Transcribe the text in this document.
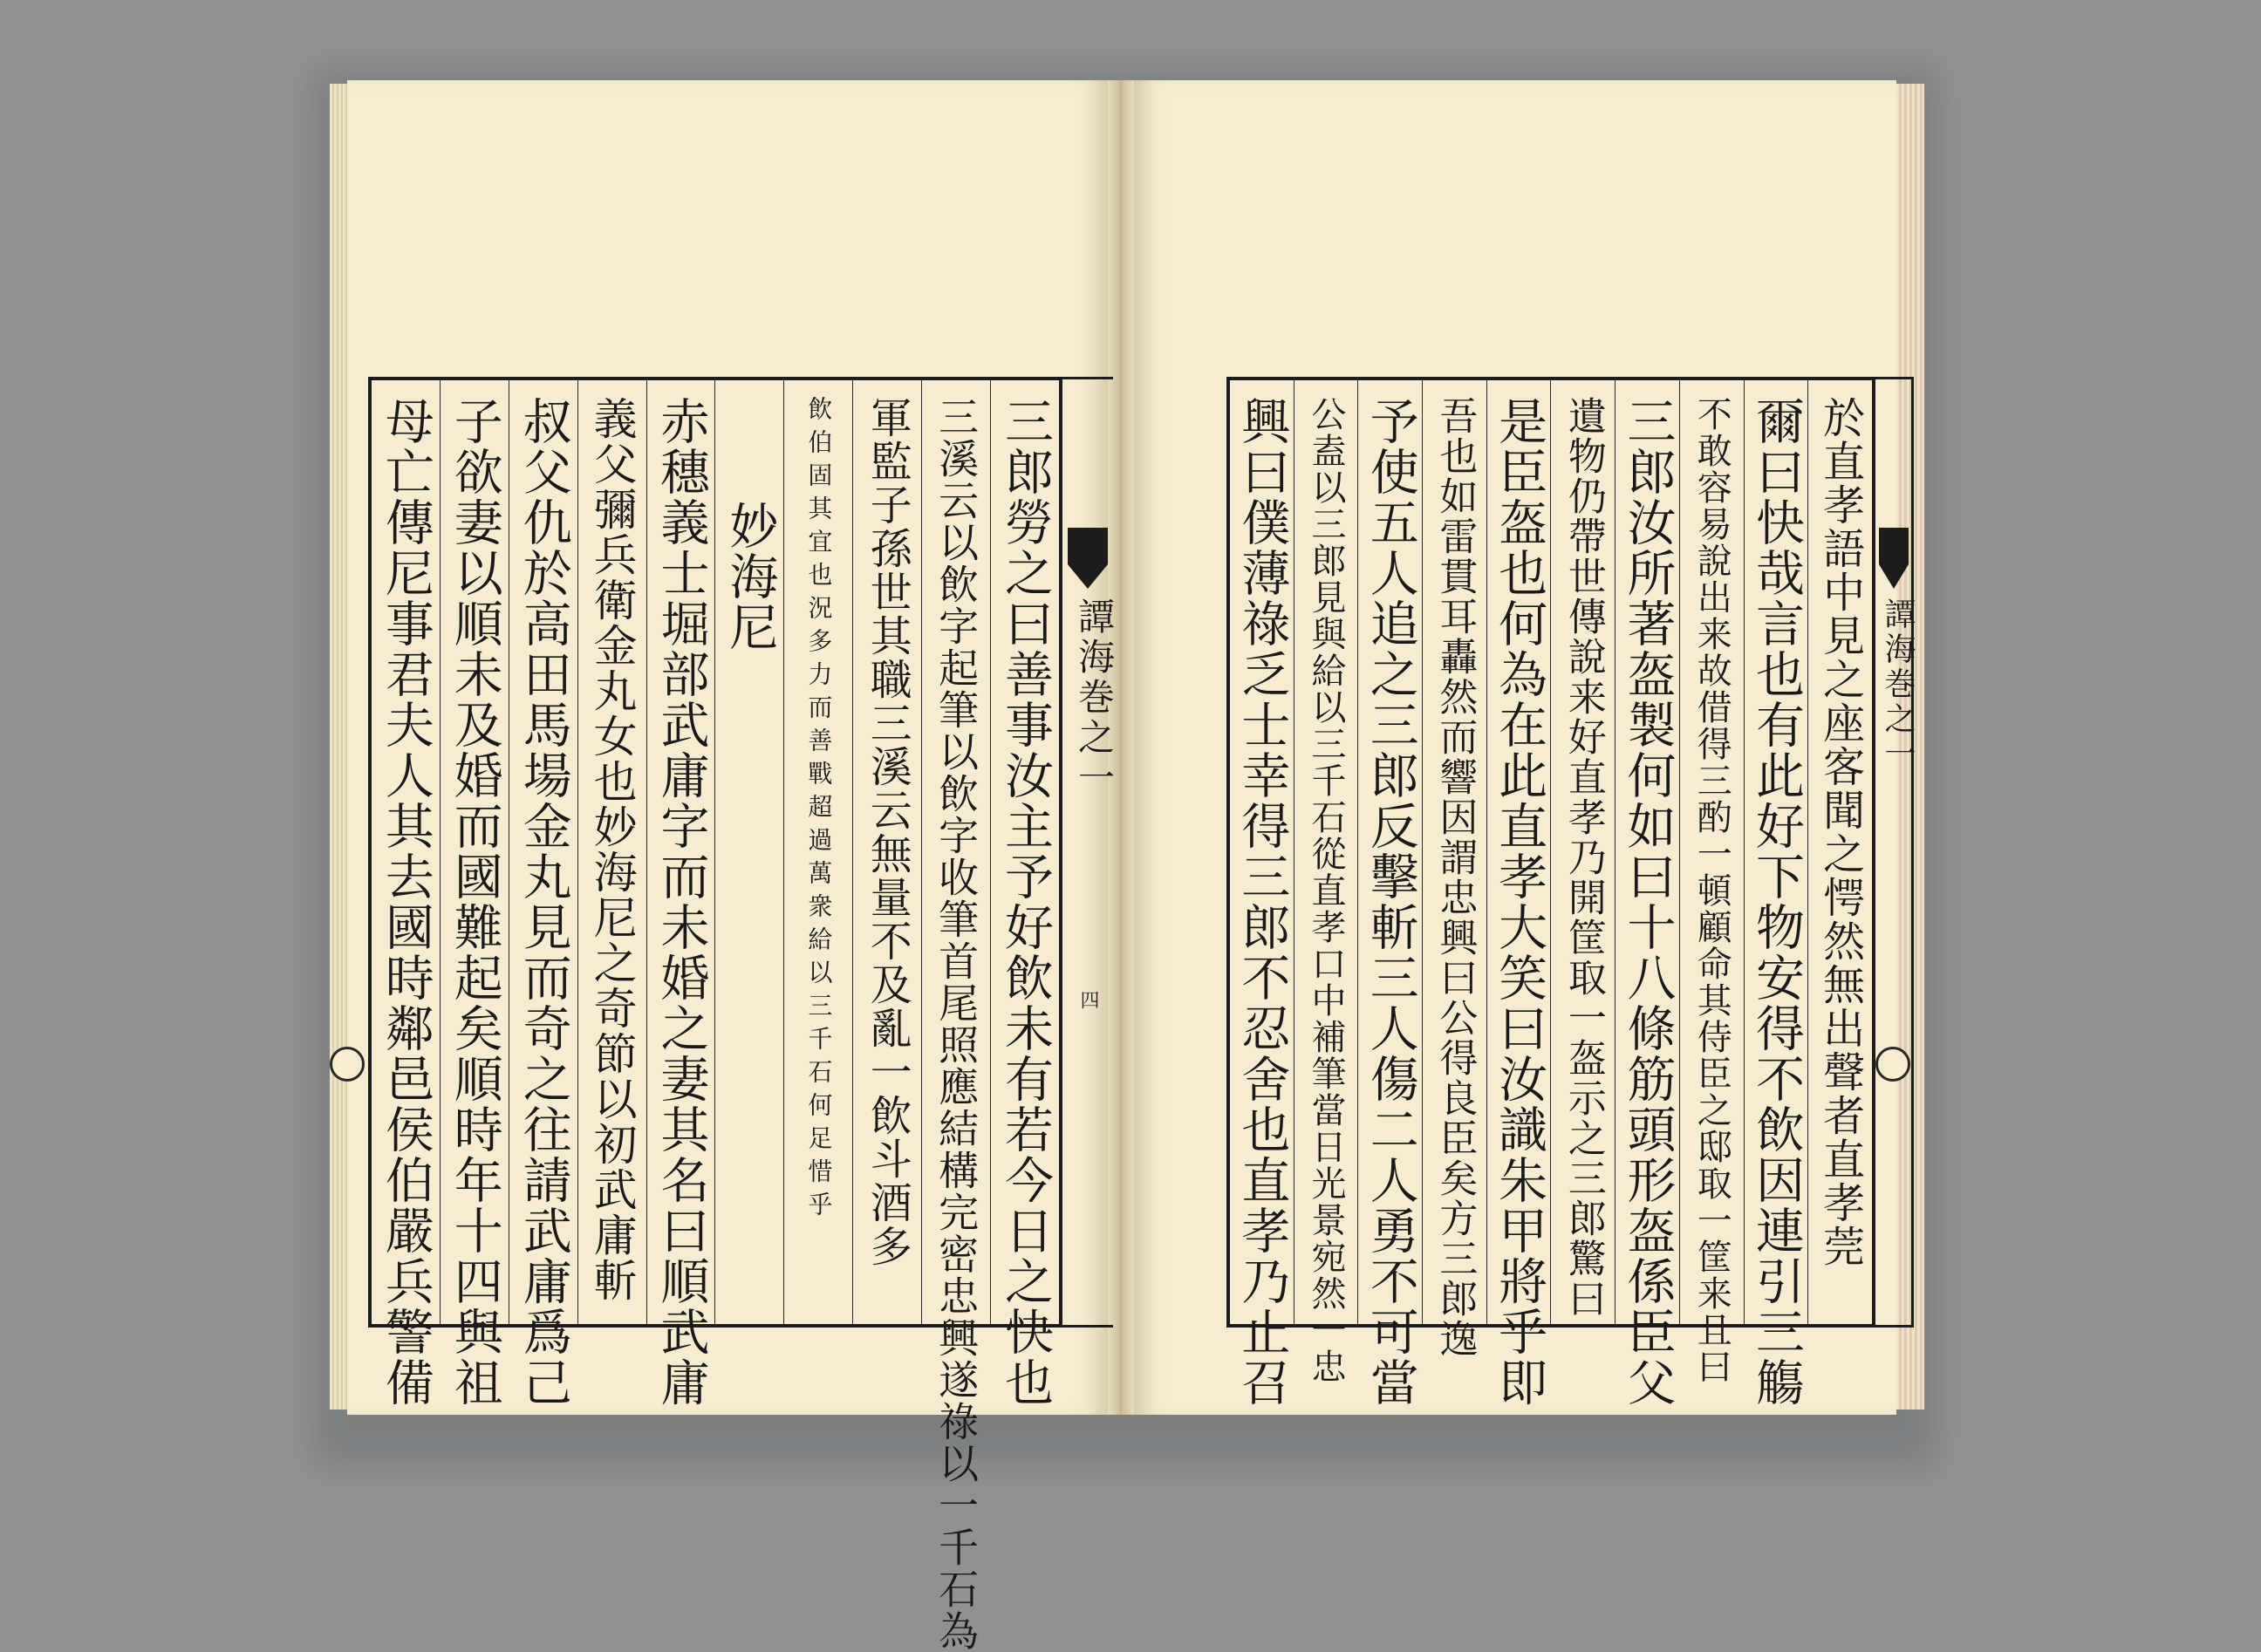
三郎勞之曰善事汝主予好飲未有若今日之快也
三溪云以飲字起筆以飲字收筆首尾照應結構完密忠興遂祿以一千石為
軍監子孫世其職三溪云無量不及亂一飲斗酒多
飲伯固其宜也況多力而善戰超過萬衆給以三千石何足惜乎
妙海尼
赤穗義士堀部武庸字而未婚之妻其名曰順武庸
義父彌兵衛金丸女也妙海尼之奇節以初武庸斬
叔父仇於高田馬場金丸見而奇之往請武庸爲己
子欲妻以順未及婚而國難起矣順時年十四與祖
母亡傳尼事君夫人其去國時鄰邑侯伯嚴兵警備	譚海巻之一
四	於直孝語中見之座客聞之愕然無出聲者直孝莞
爾曰快哉言也有此好下物安得不飲因連引三觴
不敢容易說出来故借得三酌一頓顧命其侍臣之邸取一筐来且曰
三郎汝所著盔製何如曰十八條筋頭形盔係臣父
遺物仍帶世傳說来好直孝乃開筐取一盔示之三郎驚曰
是臣盔也何為在此直孝大笑曰汝識朱甲將乎即
吾也如雷貫耳轟然而響因謂忠興曰公得良臣矣方三郎逸
予使五人追之三郎反擊斬三人傷二人勇不可當
公盍以三郎見與給以三千石從直孝口中補筆當日光景宛然一忠
興曰僕薄祿乏士幸得三郎不忍舍也直孝乃止召	譚海巻之一
